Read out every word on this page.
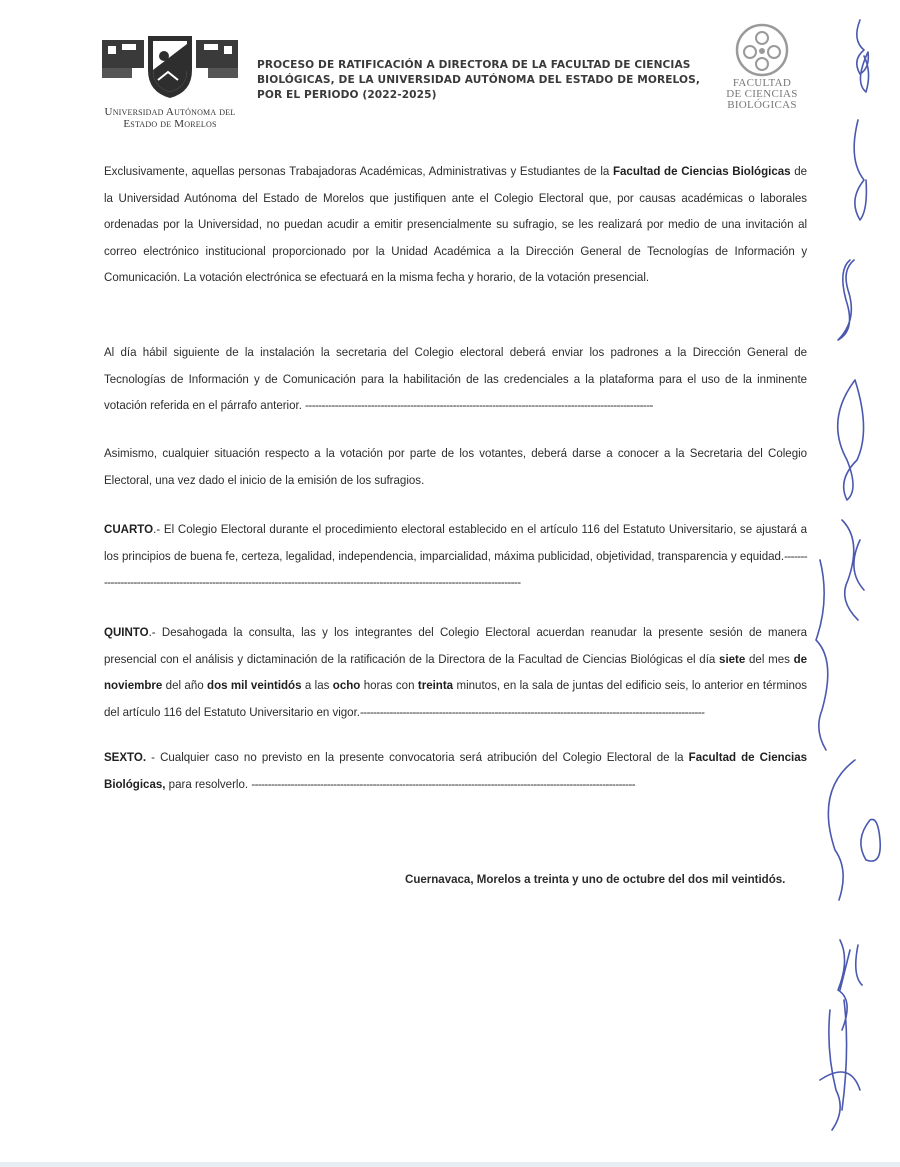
Universidad Autónoma del
Estado de Morelos
PROCESO DE RATIFICACIÓN A DIRECTORA DE LA FACULTAD DE CIENCIAS BIOLÓGICAS, DE LA UNIVERSIDAD AUTÓNOMA DEL ESTADO DE MORELOS, POR EL PERIODO (2022-2025)
FACULTAD
DE CIENCIAS
BIOLÓGICAS

Exclusivamente, aquellas personas Trabajadoras Académicas, Administrativas y Estudiantes de la Facultad de Ciencias Biológicas de la Universidad Autónoma del Estado de Morelos que justifiquen ante el Colegio Electoral que, por causas académicas o laborales ordenadas por la Universidad, no puedan acudir a emitir presencialmente su sufragio, se les realizará por medio de una invitación al correo electrónico institucional proporcionado por la Unidad Académica a la Dirección General de Tecnologías de Información y Comunicación. La votación electrónica se efectuará en la misma fecha y horario, de la votación presencial.

Al día hábil siguiente de la instalación la secretaria del Colegio electoral deberá enviar los padrones a la Dirección General de Tecnologías de Información y de Comunicación para la habilitación de las credenciales a la plataforma para el uso de la inminente votación referida en el párrafo anterior. ----------------------------------------------------------------------------------------------------------

Asimismo, cualquier situación respecto a la votación por parte de los votantes, deberá darse a conocer a la Secretaria del Colegio Electoral, una vez dado el inicio de la emisión de los sufragios.

CUARTO.- El Colegio Electoral durante el procedimiento electoral establecido en el artículo 116 del Estatuto Universitario, se ajustará a los principios de buena fe, certeza, legalidad, independencia, imparcialidad, máxima publicidad, objetividad, transparencia y equidad.--------------------------------------------------------------------------------------------------------------------------------------

QUINTO.- Desahogada la consulta, las y los integrantes del Colegio Electoral acuerdan reanudar la presente sesión de manera presencial con el análisis y dictaminación de la ratificación de la Directora de la Facultad de Ciencias Biológicas el día siete del mes de noviembre del año dos mil veintidós a las ocho horas con treinta minutos, en la sala de juntas del edificio seis, lo anterior en términos del artículo 116 del Estatuto Universitario en vigor.---------------------------------------------------------------------------------------------------------

SEXTO. - Cualquier caso no previsto en la presente convocatoria será atribución del Colegio Electoral de la Facultad de Ciencias Biológicas, para resolverlo. ---------------------------------------------------------------------------------------------------------------------

Cuernavaca, Morelos a treinta y uno de octubre del dos mil veintidós.
